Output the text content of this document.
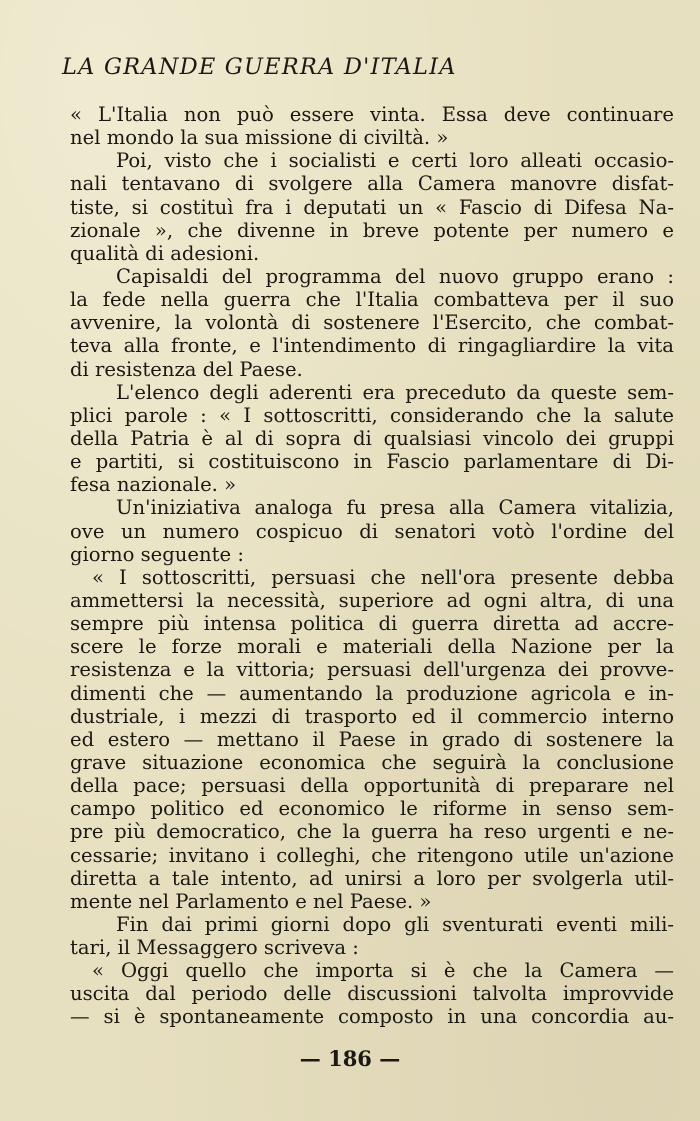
LA GRANDE GUERRA D'ITALIA
« L'Italia non può essere vinta. Essa deve continuare
nel mondo la sua missione di civiltà. »
Poi, visto che i socialisti e certi loro alleati occasio-
nali tentavano di svolgere alla Camera manovre disfat-
tiste, si costituì fra i deputati un « Fascio di Difesa Na-
zionale », che divenne in breve potente per numero e
qualità di adesioni.
Capisaldi del programma del nuovo gruppo erano :
la fede nella guerra che l'Italia combatteva per il suo
avvenire, la volontà di sostenere l'Esercito, che combat-
teva alla fronte, e l'intendimento di ringagliardire la vita
di resistenza del Paese.
L'elenco degli aderenti era preceduto da queste sem-
plici parole : « I sottoscritti, considerando che la salute
della Patria è al di sopra di qualsiasi vincolo dei gruppi
e partiti, si costituiscono in Fascio parlamentare di Di-
fesa nazionale. »
Un'iniziativa analoga fu presa alla Camera vitalizia,
ove un numero cospicuo di senatori votò l'ordine del
giorno seguente :
« I sottoscritti, persuasi che nell'ora presente debba
ammettersi la necessità, superiore ad ogni altra, di una
sempre più intensa politica di guerra diretta ad accre-
scere le forze morali e materiali della Nazione per la
resistenza e la vittoria; persuasi dell'urgenza dei provve-
dimenti che — aumentando la produzione agricola e in-
dustriale, i mezzi di trasporto ed il commercio interno
ed estero — mettano il Paese in grado di sostenere la
grave situazione economica che seguirà la conclusione
della pace; persuasi della opportunità di preparare nel
campo politico ed economico le riforme in senso sem-
pre più democratico, che la guerra ha reso urgenti e ne-
cessarie; invitano i colleghi, che ritengono utile un'azione
diretta a tale intento, ad unirsi a loro per svolgerla util-
mente nel Parlamento e nel Paese. »
Fin dai primi giorni dopo gli sventurati eventi mili-
tari, il Messaggero scriveva :
« Oggi quello che importa si è che la Camera —
uscita dal periodo delle discussioni talvolta improvvide
— si è spontaneamente composto in una concordia au-
— 186 —
